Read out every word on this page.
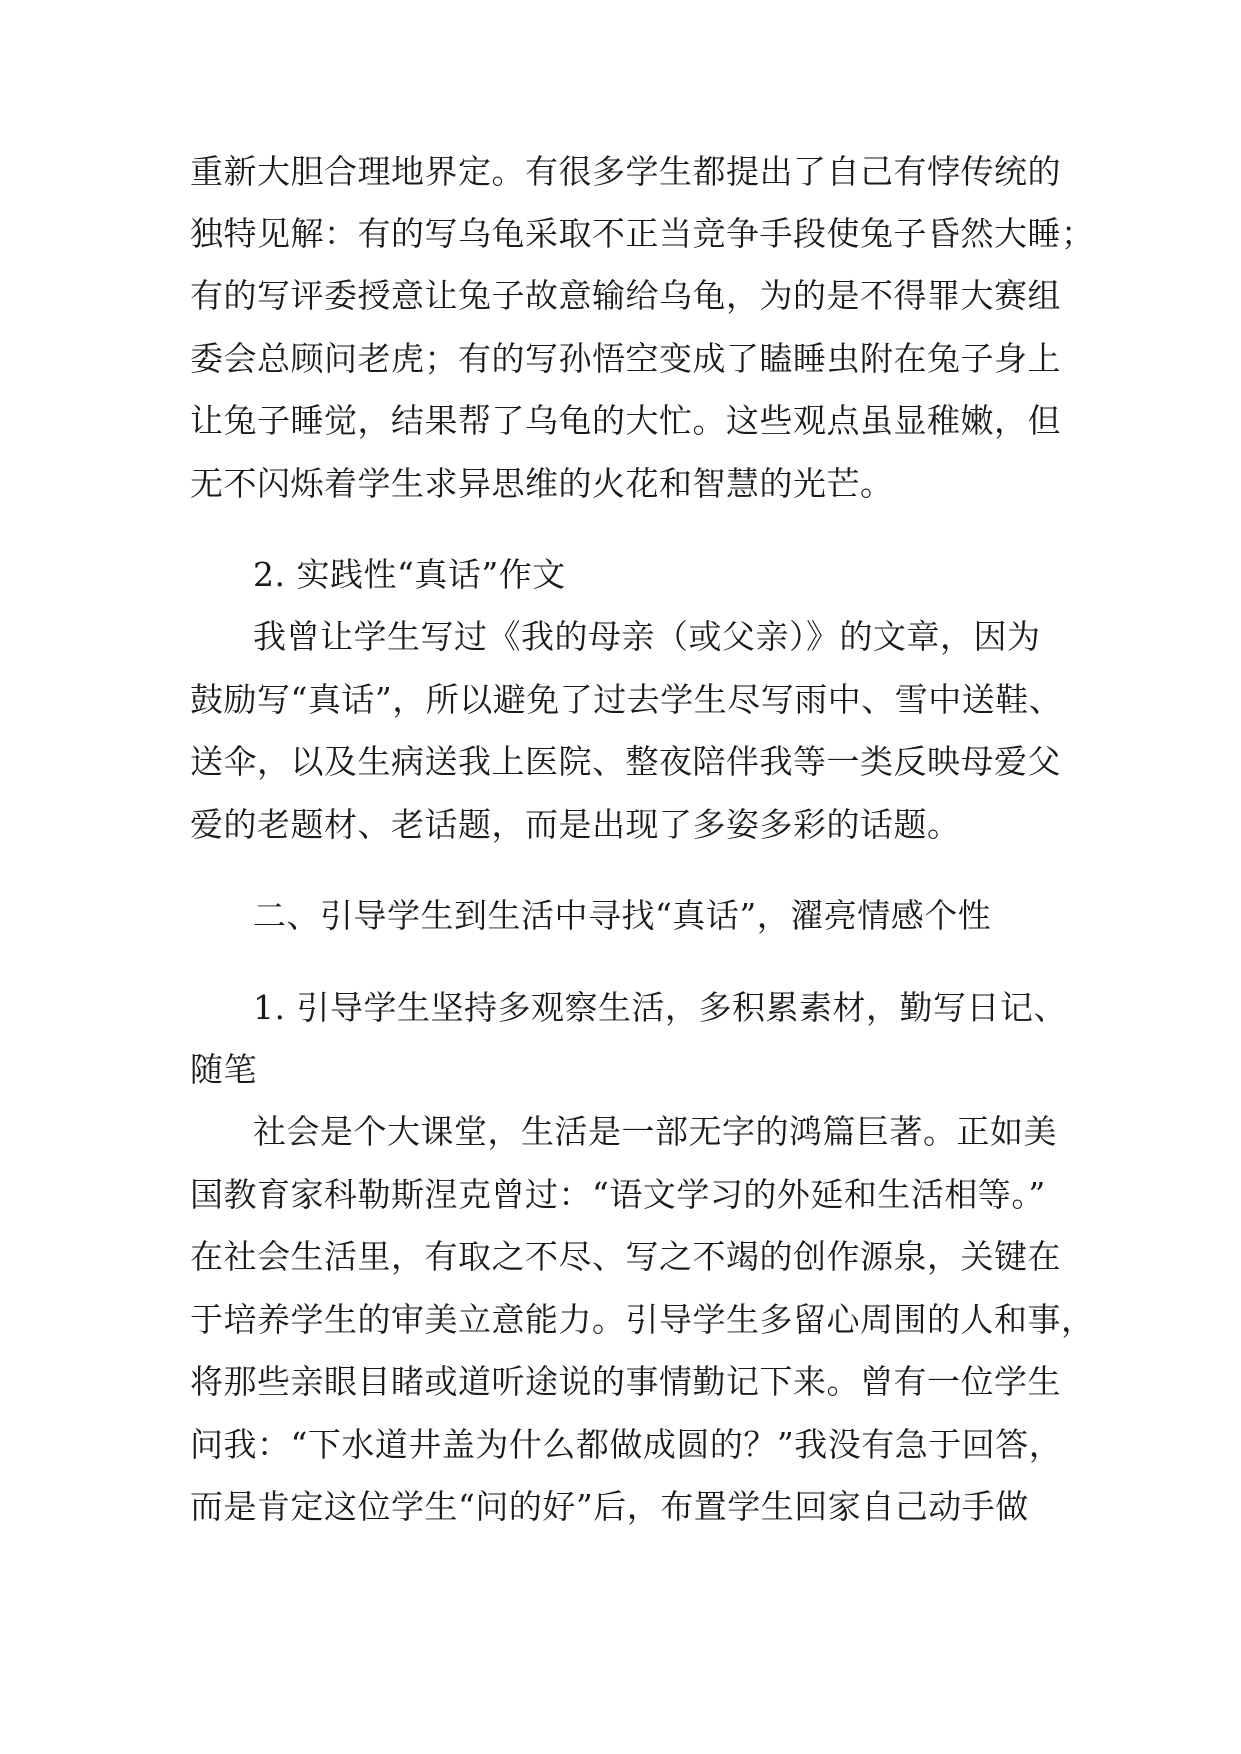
重新大胆合理地界定。有很多学生都提出了自己有悖传统的
独特见解：有的写乌龟采取不正当竞争手段使兔子昏然大睡；
有的写评委授意让兔子故意输给乌龟，为的是不得罪大赛组
委会总顾问老虎；有的写孙悟空变成了瞌睡虫附在兔子身上
让兔子睡觉，结果帮了乌龟的大忙。这些观点虽显稚嫩，但
无不闪烁着学生求异思维的火花和智慧的光芒。
2. 实践性“真话”作文
我曾让学生写过《我的母亲（或父亲）》的文章，因为
鼓励写“真话”，所以避免了过去学生尽写雨中、雪中送鞋、
送伞，以及生病送我上医院、整夜陪伴我等一类反映母爱父
爱的老题材、老话题，而是出现了多姿多彩的话题。
二、引导学生到生活中寻找“真话”，濯亮情感个性
1. 引导学生坚持多观察生活，多积累素材，勤写日记、
随笔
社会是个大课堂，生活是一部无字的鸿篇巨著。正如美
国教育家科勒斯涅克曾过：“语文学习的外延和生活相等。”
在社会生活里，有取之不尽、写之不竭的创作源泉，关键在
于培养学生的审美立意能力。引导学生多留心周围的人和事，
将那些亲眼目睹或道听途说的事情勤记下来。曾有一位学生
问我：“下水道井盖为什么都做成圆的？”我没有急于回答，
而是肯定这位学生“问的好”后，布置学生回家自己动手做
